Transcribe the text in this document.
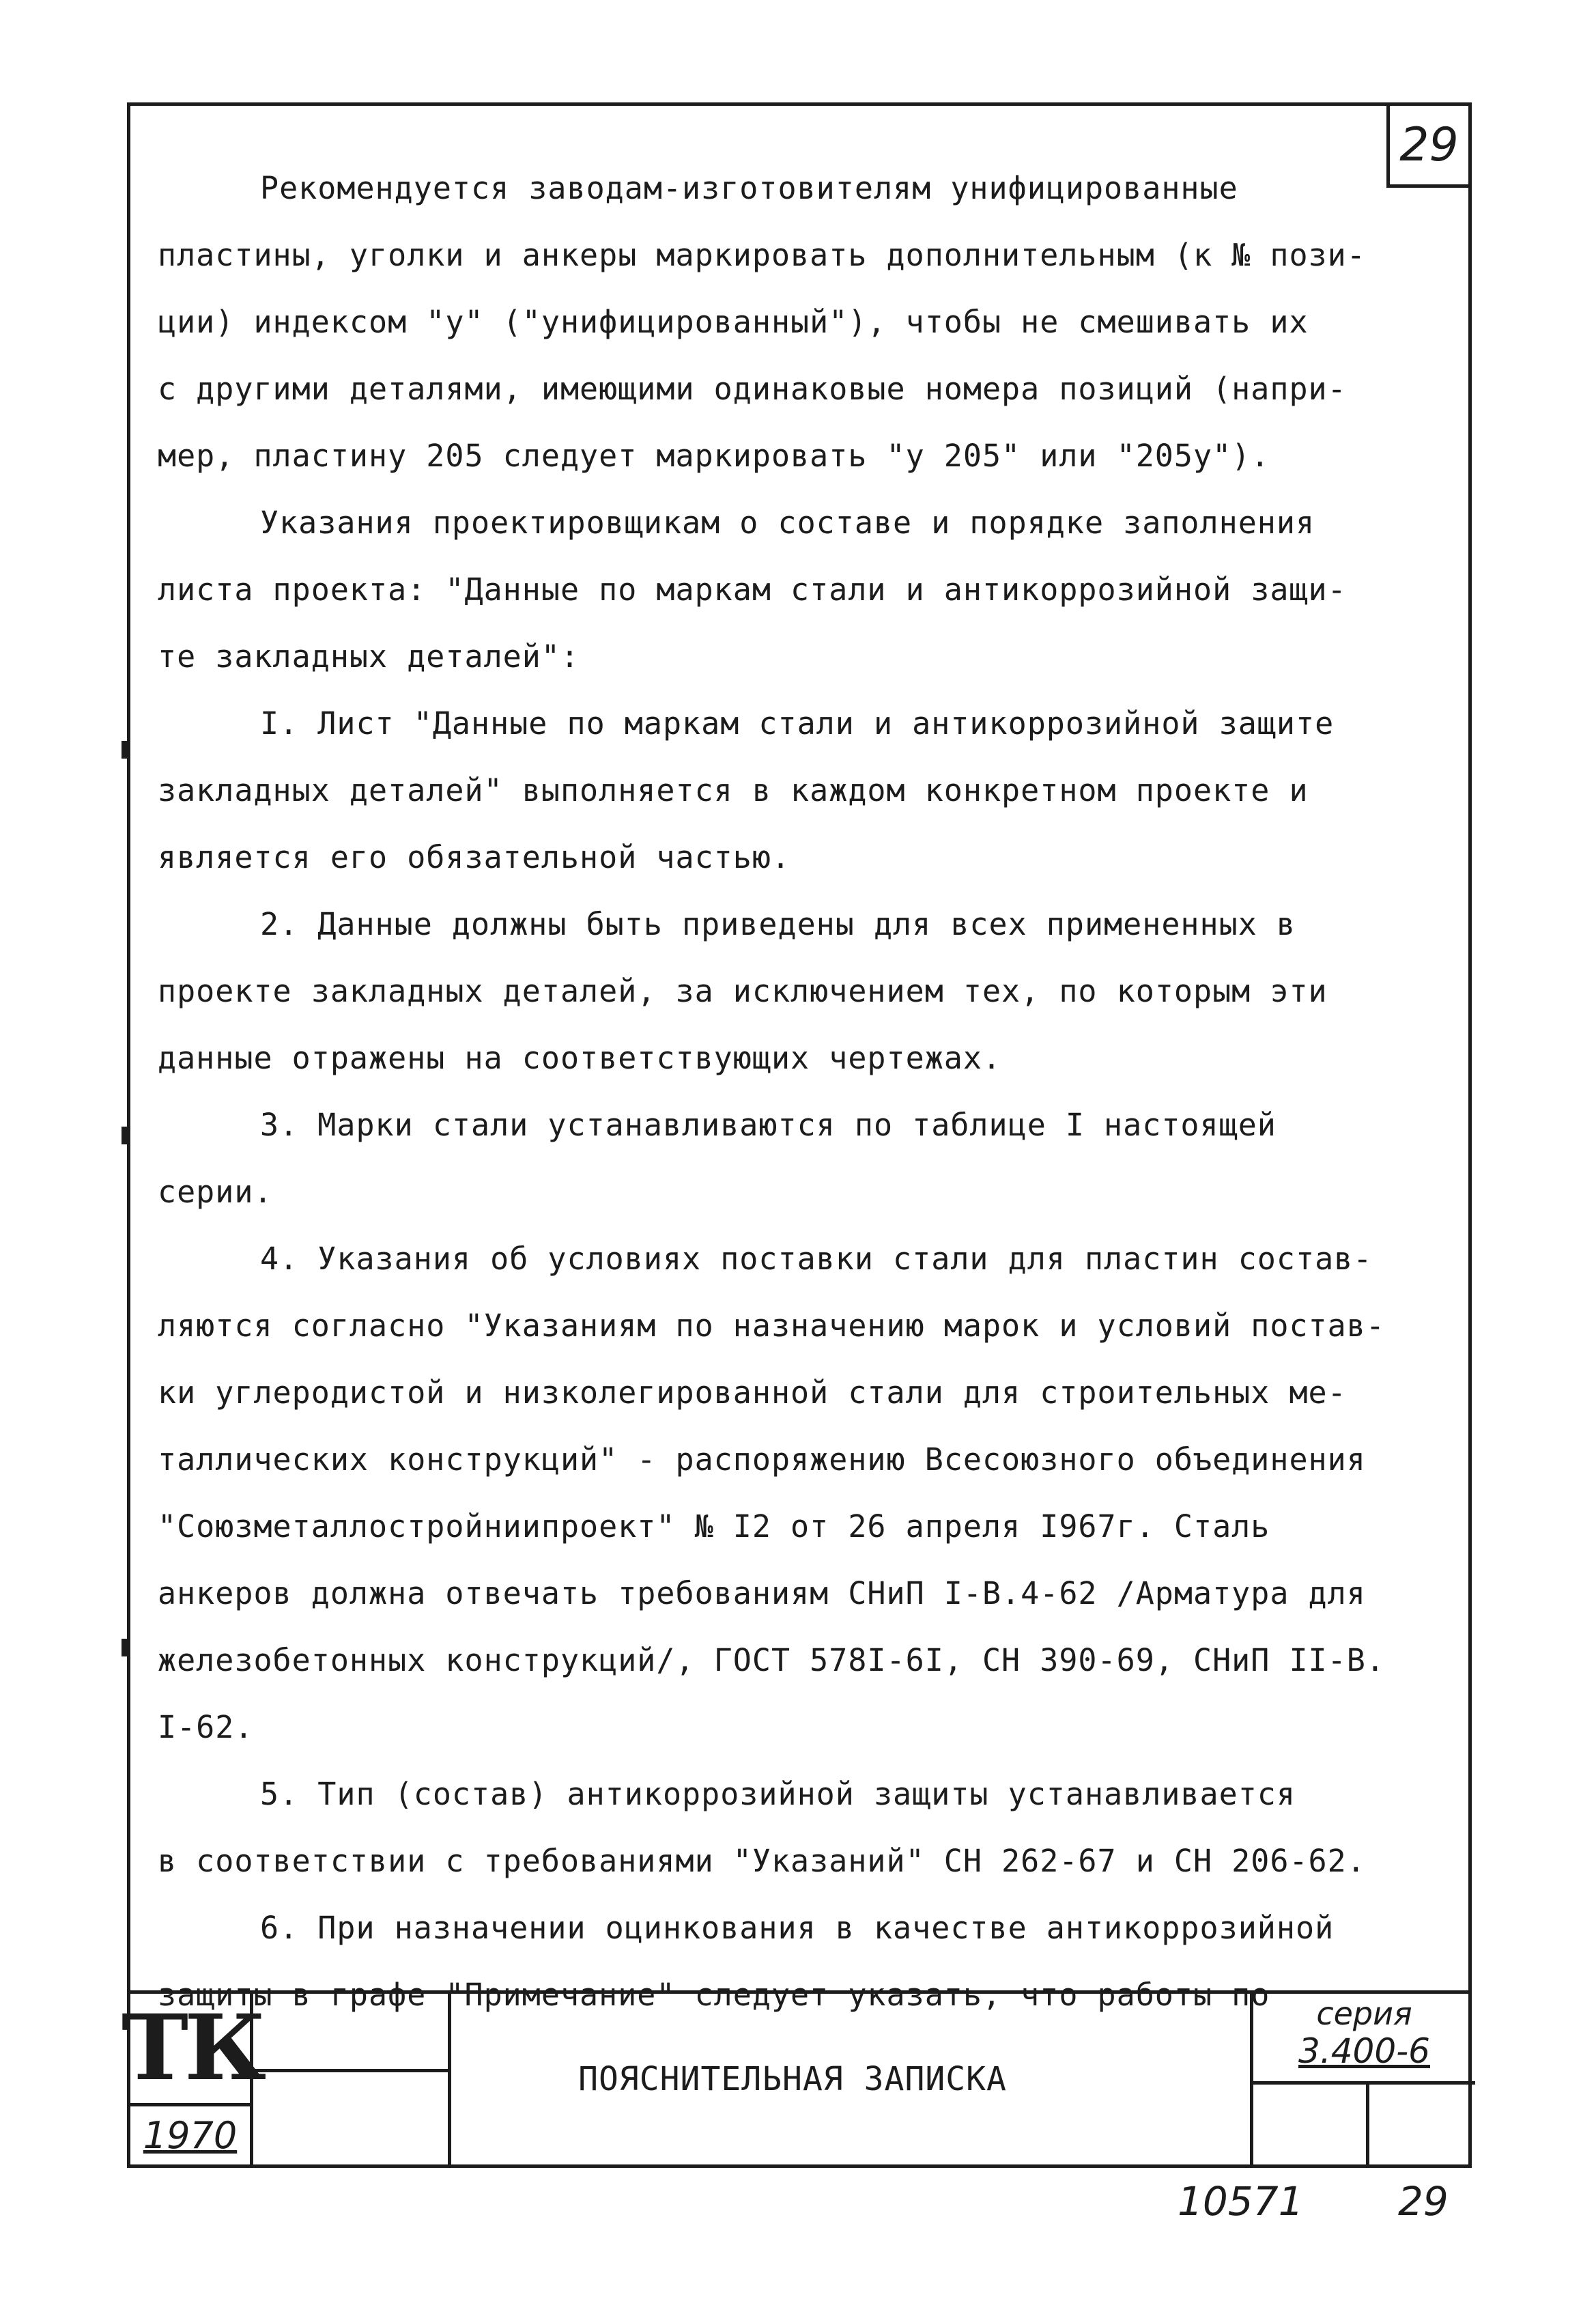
29

Рекомендуется заводам-изготовителям унифицированные

пластины, уголки и анкеры маркировать дополнительным (к № пози-

ции) индексом "у" ("унифицированный"), чтобы не смешивать их

с другими деталями, имеющими одинаковые номера позиций (напри-

мер, пластину 205 следует маркировать "у 205" или "205у").

Указания проектировщикам о составе и порядке заполнения

листа проекта: "Данные по маркам стали и антикоррозийной защи-

те закладных деталей":

I. Лист "Данные по маркам стали и антикоррозийной защите

закладных деталей" выполняется в каждом конкретном проекте и

является его обязательной частью.

2. Данные должны быть приведены для всех примененных в

проекте закладных деталей, за исключением тех, по которым эти

данные отражены на соответствующих чертежах.

3. Марки стали устанавливаются по таблице I настоящей

серии.

4. Указания об условиях поставки стали для пластин состав-

ляются согласно "Указаниям по назначению марок и условий постав-

ки углеродистой и низколегированной стали для строительных ме-

таллических конструкций" - распоряжению Всесоюзного объединения

"Союзметаллостройниипроект" № I2 от 26 апреля I967г. Сталь

анкеров должна отвечать требованиям СНиП I-В.4-62 /Арматура для

железобетонных конструкций/, ГОСТ 578I-6I, СН 390-69, СНиП II-В.

I-62.

5. Тип (состав) антикоррозийной защиты устанавливается

в соответствии с требованиями "Указаний" СН 262-67 и СН 206-62.

6. При назначении оцинкования в качестве антикоррозийной

защиты в графе "Примечание" следует указать, что работы по

ТК
1970
ПОЯСНИТЕЛЬНАЯ ЗАПИСКА
серия
3.400-6
10571 29
